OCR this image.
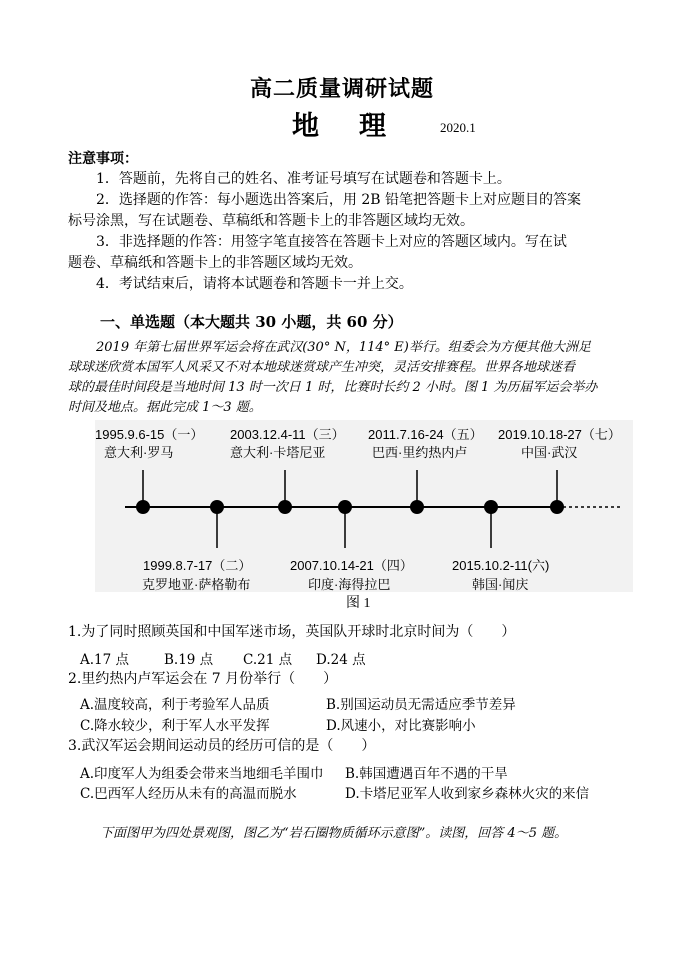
高二质量调研试题
地理 2020.1
注意事项：
1．答题前，先将自己的姓名、准考证号填写在试题卷和答题卡上。
2．选择题的作答：每小题选出答案后，用 2B 铅笔把答题卡上对应题目的答案
标号涂黑，写在试题卷、草稿纸和答题卡上的非答题区域均无效。
3．非选择题的作答：用签字笔直接答在答题卡上对应的答题区域内。写在试
题卷、草稿纸和答题卡上的非答题区域均无效。
4．考试结束后，请将本试题卷和答题卡一并上交。
一、单选题（本大题共 30 小题，共 60 分）
2019 年第七届世界军运会将在武汉(30° N，114° E)举行。组委会为方便其他大洲足
球球迷欣赏本国军人风采又不对本地球迷赏球产生冲突，灵活安排赛程。世界各地球迷看
球的最佳时间段是当地时间 13 时一次日 1 时，比赛时长约 2 小时。图 1 为历届军运会举办
时间及地点。据此完成 1～3 题。
1995.9.6-15（一）
意大利·罗马
2003.12.4-11（三）
意大利·卡塔尼亚
2011.7.16-24（五）
巴西·里约热内卢
2019.10.18-27（七）
中国·武汉
1999.8.7-17（二）
克罗地亚·萨格勒布
2007.10.14-21（四）
印度·海得拉巴
2015.10.2-11(六)
韩国·闻庆
图 1
1.为了同时照顾英国和中国军迷市场，英国队开球时北京时间为（　　）
A.17 点	B.19 点 C.21 点 D.24 点
2.里约热内卢军运会在 7 月份举行（　　）
A.温度较高，利于考验军人品质	B.别国运动员无需适应季节差异
C.降水较少，利于军人水平发挥	D.风速小，对比赛影响小
3.武汉军运会期间运动员的经历可信的是（　　）
A.印度军人为组委会带来当地细毛羊围巾 B.韩国遭遇百年不遇的干旱
C.巴西军人经历从未有的高温而脱水	D.卡塔尼亚军人收到家乡森林火灾的来信
下面图甲为四处景观图，图乙为“岩石圈物质循环示意图”。读图，回答 4～5 题。
